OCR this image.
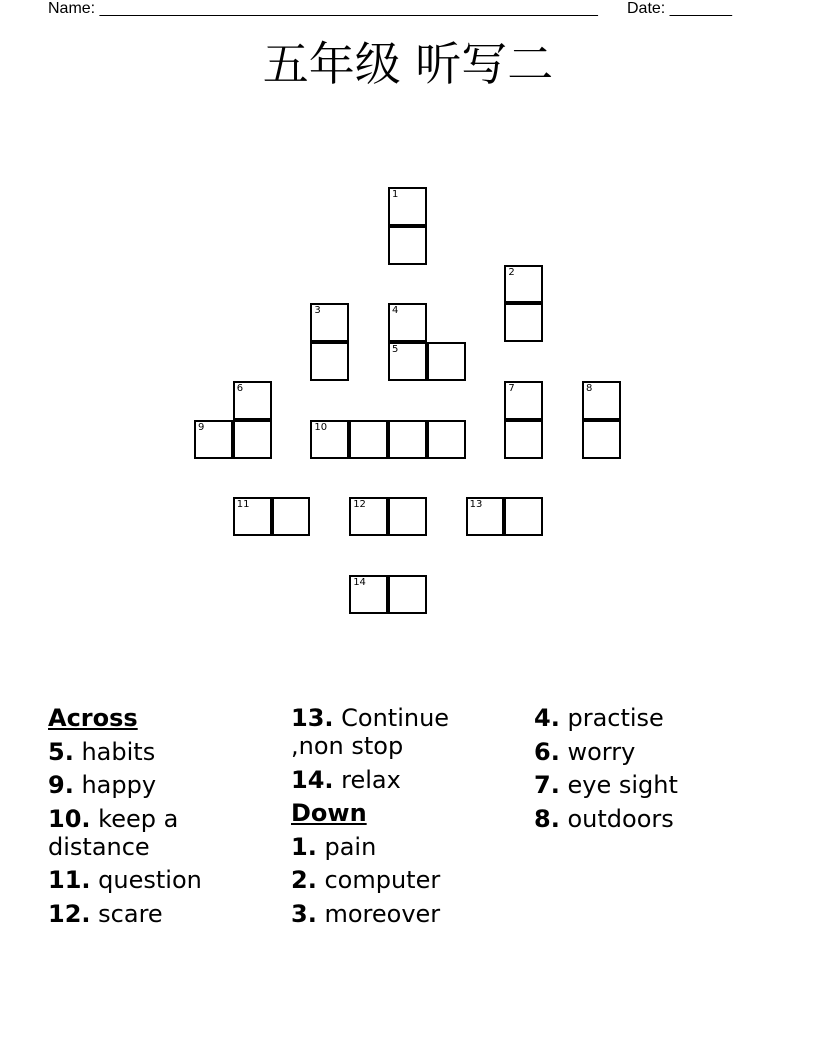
Name: ________________________________________________________ Date: _______
五年级 听写二
1
2
3	4
5
6
9	10
7	8
11	12	13
14
Across
5. habits
9. happy
10. keep a distance
11. question
12. scare
13. Continue ,non stop
14. relax
Down
1. pain
2. computer
3. moreover
4. practise
6. worry
7. eye sight
8. outdoors
